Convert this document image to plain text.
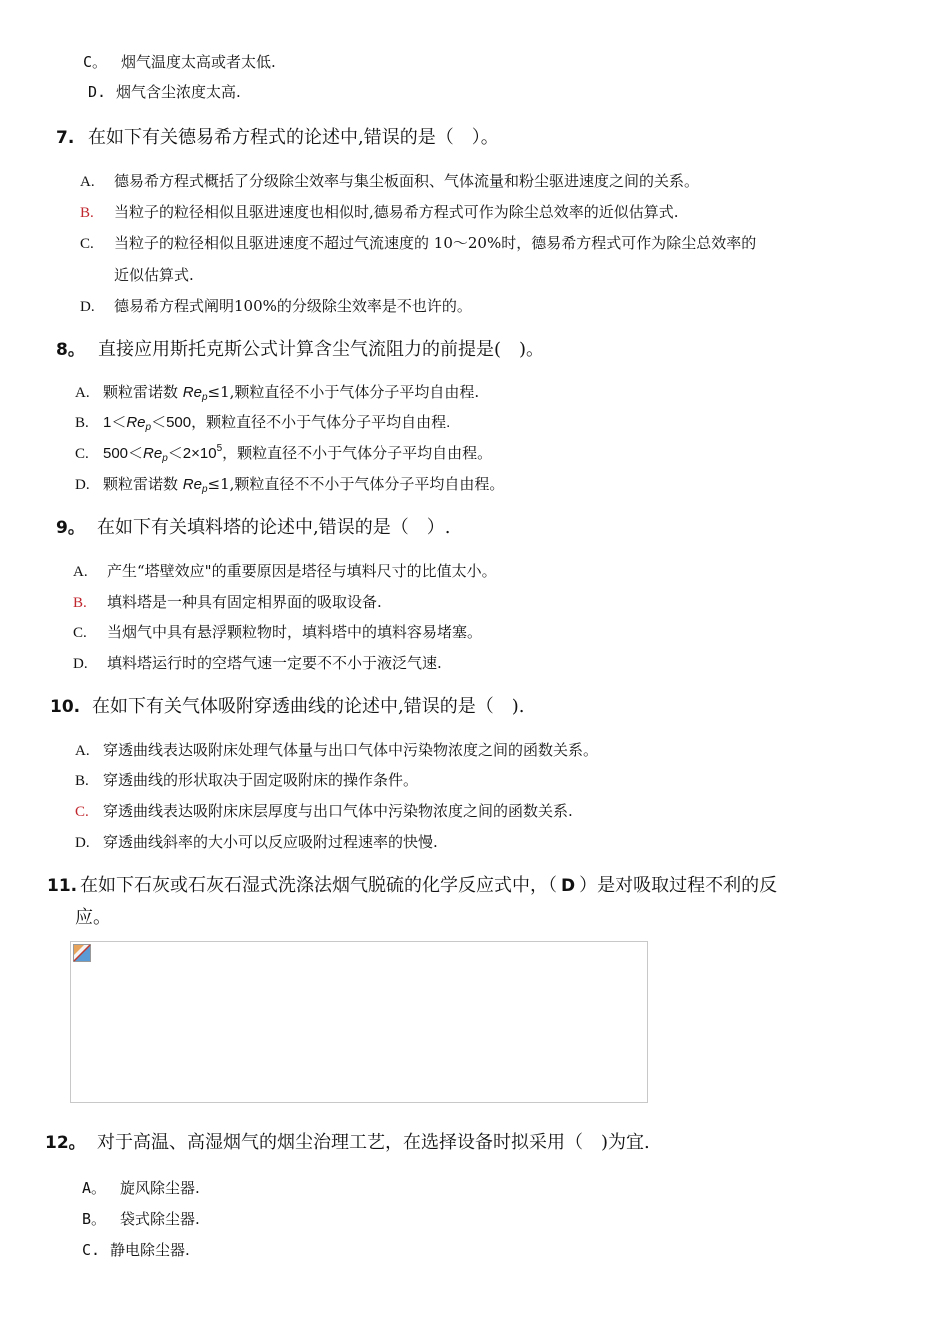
C。 烟气温度太高或者太低.
D. 烟气含尘浓度太高.
7. 在如下有关德易希方程式的论述中,错误的是（　）。
A. 德易希方程式概括了分级除尘效率与集尘板面积、气体流量和粉尘驱进速度之间的关系。
B. 当粒子的粒径相似且驱进速度也相似时,德易希方程式可作为除尘总效率的近似估算式.
C. 当粒子的粒径相似且驱进速度不超过气流速度的 10～20%时，德易希方程式可作为除尘总效率的
近似估算式.
D. 德易希方程式阐明100%的分级除尘效率是不也许的。
8。 直接应用斯托克斯公式计算含尘气流阻力的前提是(　)。
A. 颗粒雷诺数 $Re_p\le 1$,颗粒直径不小于气体分子平均自由程.
B. $1<Re_p<500$，颗粒直径不小于气体分子平均自由程.
C. $500<Re_p<2\times 10^5$，颗粒直径不小于气体分子平均自由程。
D. 颗粒雷诺数 $Re_p\le 1$,颗粒直径不不小于气体分子平均自由程。
9。 在如下有关填料塔的论述中,错误的是（　）.
A. 产生“塔壁效应"的重要原因是塔径与填料尺寸的比值太小。
B. 填料塔是一种具有固定相界面的吸取设备.
C. 当烟气中具有悬浮颗粒物时，填料塔中的填料容易堵塞。
D. 填料塔运行时的空塔气速一定要不不小于液泛气速.
10. 在如下有关气体吸附穿透曲线的论述中,错误的是（　).
A. 穿透曲线表达吸附床处理气体量与出口气体中污染物浓度之间的函数关系。
B. 穿透曲线的形状取决于固定吸附床的操作条件。
C. 穿透曲线表达吸附床床层厚度与出口气体中污染物浓度之间的函数关系.
D. 穿透曲线斜率的大小可以反应吸附过程速率的快慢.
11. 在如下石灰或石灰石湿式洗涤法烟气脱硫的化学反应式中，（ D ）是对吸取过程不利的反
应。
12。 对于高温、高湿烟气的烟尘治理工艺，在选择设备时拟采用（　)为宜.
A。 旋风除尘器.
B。 袋式除尘器.
C. 静电除尘器.
